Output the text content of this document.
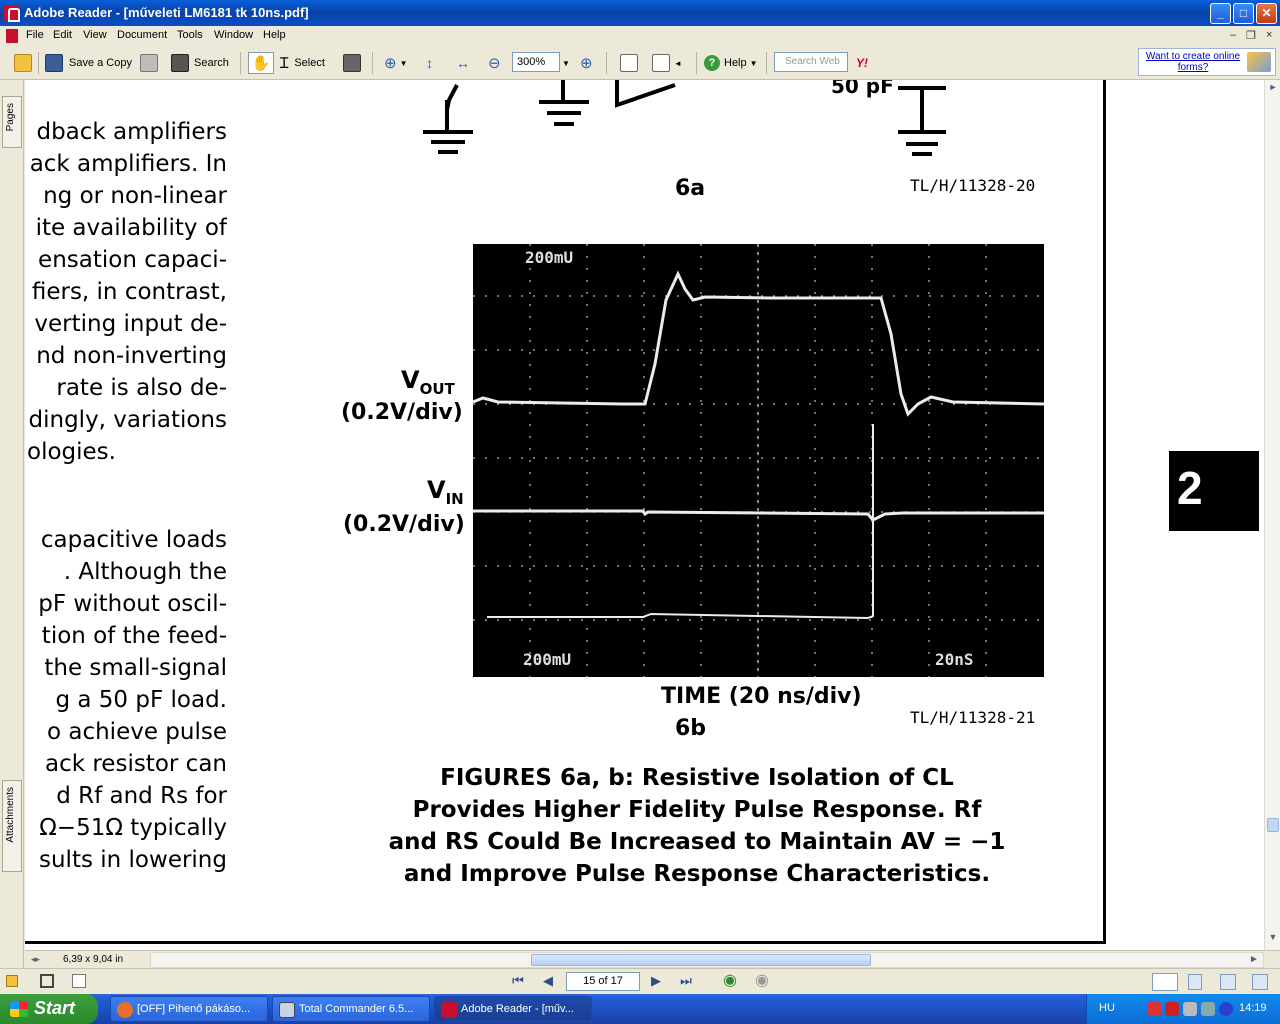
Adobe Reader - [műveleti LM6181 tk 10ns.pdf]	_	□	✕
File Edit View Document Tools Window Help	– ❐ ×
Save a Copy	Search ✋ Ɪ Select	⊕ ▼ ↕ ↔ ⊖	▼ ⊕	◄	? Help ▼	Y!
300%	Search Web	Want to create online forms?
Pages
Attachments
50 pF
dback amplifiers
ack amplifiers. In
ng or non-linear
ite availability of
ensation capaci-
fiers, in contrast,
verting input de-
nd non-inverting
rate is also de-
dingly, variations
ologies.
capacitive loads
. Although the
pF without oscil-
tion of the feed-
the small-signal
g a 50 pF load.
o achieve pulse
ack resistor can
d Rf and Rs for
Ω−51Ω typically
sults in lowering
6a	TL/H/11328-20
$V_{OUT}$
(0.2V/div)
$V_{IN}$
(0.2V/div)
200mU
200mU	20nS
TIME (20 ns/div)
6b	TL/H/11328-21
FIGURES 6a, b: Resistive Isolation of CL
Provides Higher Fidelity Pulse Response. Rf
and RS Could Be Increased to Maintain AV = −1
and Improve Pulse Response Characteristics.
2
►
▼
◂▸ 6,39 x 9,04 in	►
⏮ ◀	15 of 17	▶ ⏭ ◉ ◉
Start	[OFF] Pihenő pákáso...	Total Commander 6.5...	Adobe Reader - [műv...	HU	14:19
